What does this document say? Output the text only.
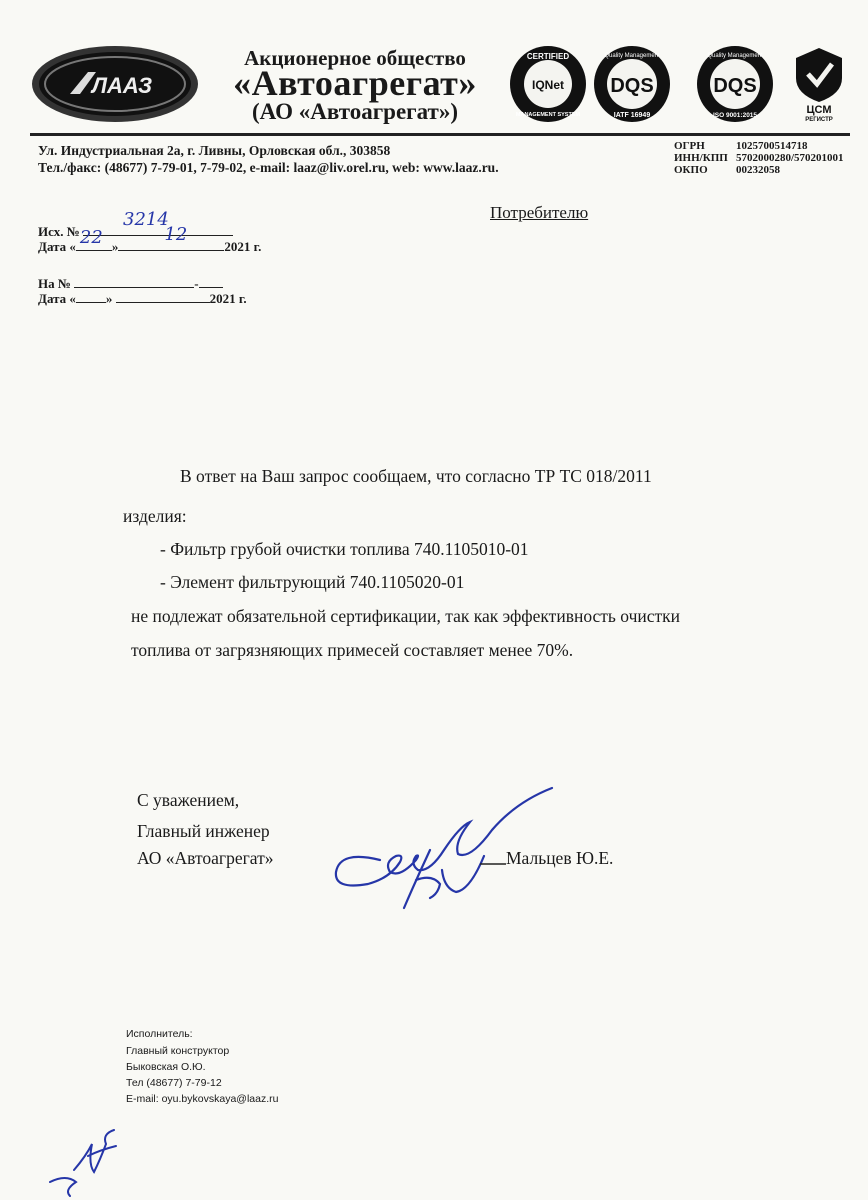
ЛААЗ
Акционерное общество
«Автоагрегат»
(АО «Автоагрегат»)
CERTIFIED
IQNet
MANAGEMENT SYSTEM
Quality Management
DQS
IATF 16949
Quality Management
DQS
ISO 9001:2015	ЦСМ
РЕГИСТР
Ул. Индустриальная 2а, г. Ливны, Орловская обл., 303858
Тел./факс: (48677) 7-79-01, 7-79-02, e-mail: laaz@liv.orel.ru, web: www.laaz.ru.
ОГРН	1025700514718
ИНН/КПП 5702000280/570201001
ОКПО	00232058
Исх. №
3214
Дата « 22 »
12
2021 г.
На №	-
Дата « »	2021 г.
Потребителю
В ответ на Ваш запрос сообщаем, что согласно ТР ТС 018/2011
изделия:
- Фильтр грубой очистки топлива 740.1105010-01
- Элемент фильтрующий 740.1105020-01
не подлежат обязательной сертификации, так как эффективность очистки
топлива от загрязняющих примесей составляет менее 70%.
С уважением,
Главный инженер
АО «Автоагрегат»	Мальцев Ю.Е.
Исполнитель:
Главный конструктор
Быковская О.Ю.
Тел (48677) 7-79-12
E-mail: oyu.bykovskaya@laaz.ru
